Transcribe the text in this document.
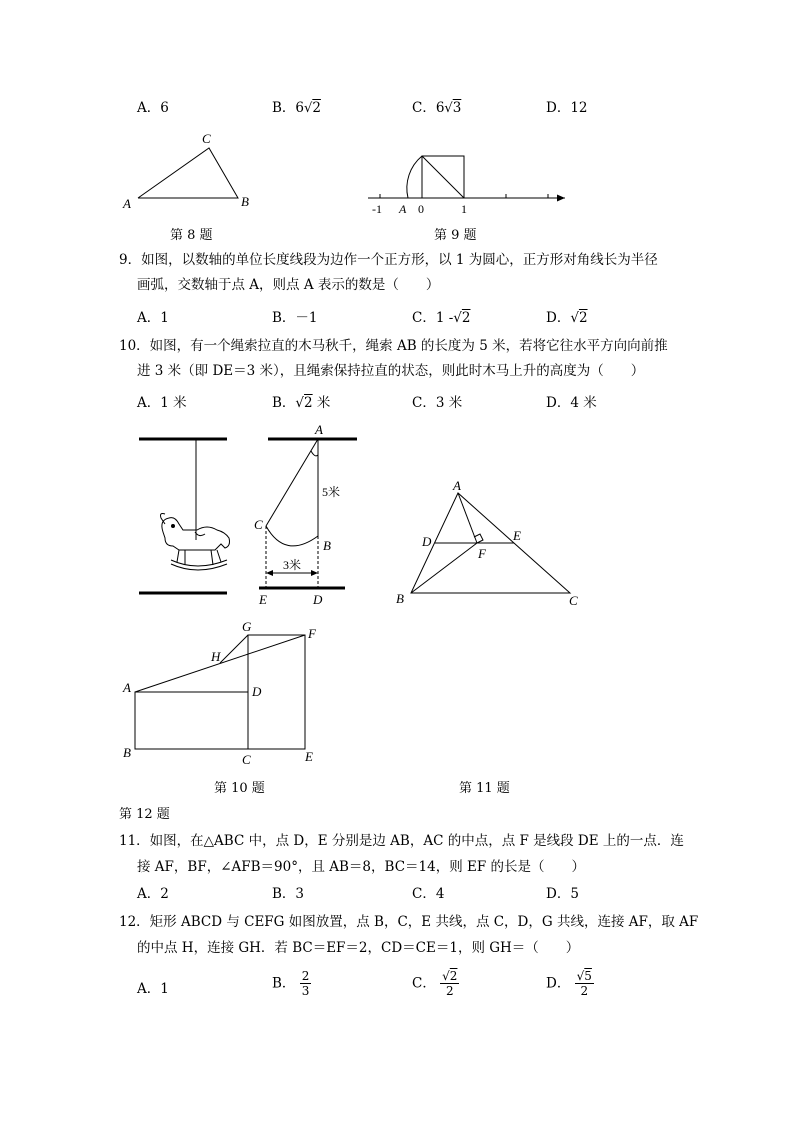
A．6	B．6√2	C．6√3	D．12
C
A	B
第 8 题
-1 A 0	1
第 9 题
9．如图，以数轴的单位长度线段为边作一个正方形，以 1 为圆心，正方形对角线长为半径
画弧，交数轴于点 A，则点 A 表示的数是（　　）
A．1	B．－1	C．1 -√2	D．√2
10．如图，有一个绳索拉直的木马秋千，绳索 AB 的长度为 5 米，若将它往水平方向向前推
进 3 米（即 DE＝3 米），且绳索保持拉直的状态，则此时木马上升的高度为（　　）
A．1 米	B．√2 米	C．3 米	D．4 米
A
5米
C
B
3米
E	D
A
D	E
F
B	C
G	F
H
A	D
B	C	E
第 10 题	第 11 题
第 12 题
11．如图，在△ABC 中，点 D，E 分别是边 AB，AC 的中点，点 F 是线段 DE 上的一点．连
接 AF，BF，∠AFB＝90°，且 AB＝8，BC＝14，则 EF 的长是（　　）
A．2	B．3	C．4	D．5
12．矩形 ABCD 与 CEFG 如图放置，点 B，C，E 共线，点 C，D，G 共线，连接 AF，取 AF
的中点 H，连接 GH．若 BC＝EF＝2，CD＝CE＝1，则 GH＝（　　）
A．1	B． $\frac{2}{3}$	C． $\frac{√2}{2}$	D． $\frac{√5}{2}$
